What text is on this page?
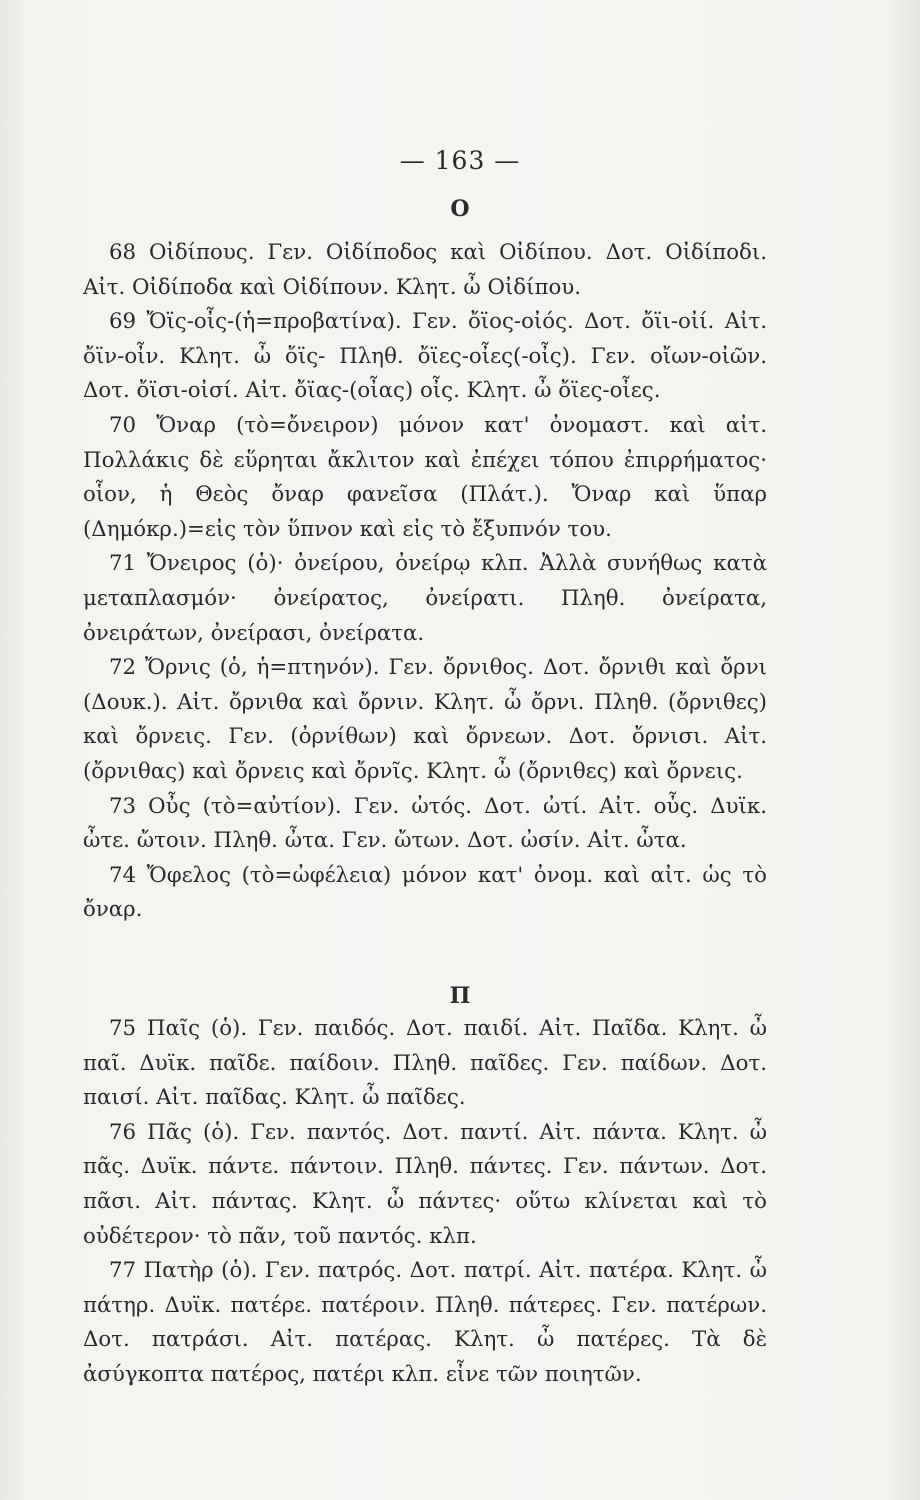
— 163 —
Ο

68 Οἰδίπους. Γεν. Οἰδίποδος καὶ Οἰδίπου. Δοτ. Οἰδίποδι. Αἰτ. Οἰδίποδα καὶ Οἰδίπουν. Κλητ. ὦ Οἰδίπου.

69 Ὄϊς-οἶς-(ἡ=προβατίνα). Γεν. ὄϊος-οἰός. Δοτ. ὄϊι-οἰί. Αἰτ. ὄϊν-οἶν. Κλητ. ὦ ὄϊς- Πληθ. ὄϊες-οἶες(-οἶς). Γεν. οἴων-οἰῶν. Δοτ. ὄϊσι-οἰσί. Αἰτ. ὄϊας-(οἶας) οἶς. Κλητ. ὦ ὄϊες-οἶες.

70 Ὄναρ (τὸ=ὄνειρον) μόνον κατ' ὀνομαστ. καὶ αἰτ. Πολλάκις δὲ εὕρηται ἄκλιτον καὶ ἐπέχει τόπου ἐπιρρήματος· οἷον, ἡ Θεὸς ὄναρ φανεῖσα (Πλάτ.). Ὄναρ καὶ ὕπαρ (Δημόκρ.)=εἰς τὸν ὕπνον καὶ εἰς τὸ ἔξυπνόν του.

71 Ὄνειρος (ὁ)· ὀνείρου, ὀνείρῳ κλπ. Ἀλλὰ συνήθως κατὰ μεταπλασμόν· ὀνείρατος, ὀνείρατι. Πληθ. ὀνείρατα, ὀνειράτων, ὀνείρασι, ὀνείρατα.

72 Ὄρνις (ὁ, ἡ=πτηνόν). Γεν. ὄρνιθος. Δοτ. ὄρνιθι καὶ ὄρνι (Δουκ.). Αἰτ. ὄρνιθα καὶ ὄρνιν. Κλητ. ὦ ὄρνι. Πληθ. (ὄρνιθες) καὶ ὄρνεις. Γεν. (ὀρνίθων) καὶ ὄρνεων. Δοτ. ὄρνισι. Αἰτ. (ὄρνιθας) καὶ ὄρνεις καὶ ὄρνῖς. Κλητ. ὦ (ὄρνιθες) καὶ ὄρνεις.

73 Οὖς (τὸ=αὐτίον). Γεν. ὠτός. Δοτ. ὠτί. Αἰτ. οὖς. Δυϊκ. ὦτε. ὤτοιν. Πληθ. ὦτα. Γεν. ὤτων. Δοτ. ὠσίν. Αἰτ. ὦτα.

74 Ὄφελος (τὸ=ὠφέλεια) μόνον κατ' ὀνομ. καὶ αἰτ. ὡς τὸ ὄναρ.

Π

75 Παῖς (ὁ). Γεν. παιδός. Δοτ. παιδί. Αἰτ. Παῖδα. Κλητ. ὦ παῖ. Δυϊκ. παῖδε. παίδοιν. Πληθ. παῖδες. Γεν. παίδων. Δοτ. παισί. Αἰτ. παῖδας. Κλητ. ὦ παῖδες.

76 Πᾶς (ὁ). Γεν. παντός. Δοτ. παντί. Αἰτ. πάντα. Κλητ. ὦ πᾶς. Δυϊκ. πάντε. πάντοιν. Πληθ. πάντες. Γεν. πάντων. Δοτ. πᾶσι. Αἰτ. πάντας. Κλητ. ὦ πάντες· οὕτω κλίνεται καὶ τὸ οὐδέτερον· τὸ πᾶν, τοῦ παντός. κλπ.

77 Πατὴρ (ὁ). Γεν. πατρός. Δοτ. πατρί. Αἰτ. πατέρα. Κλητ. ὦ πάτηρ. Δυϊκ. πατέρε. πατέροιν. Πληθ. πάτερες. Γεν. πατέρων. Δοτ. πατράσι. Αἰτ. πατέρας. Κλητ. ὦ πατέρες. Τὰ δὲ ἀσύγκοπτα πατέρος, πατέρι κλπ. εἶνε τῶν ποιητῶν.
